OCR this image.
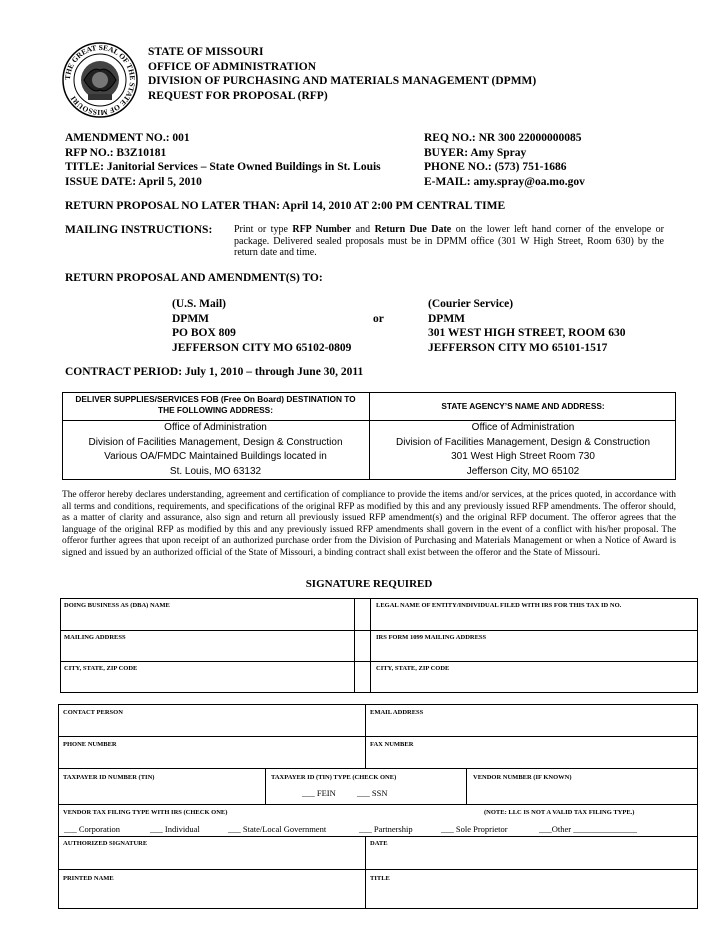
THE GREAT SEAL OF THE STATE OF MISSOURI
STATE OF MISSOURI
OFFICE OF ADMINISTRATION
DIVISION OF PURCHASING AND MATERIALS MANAGEMENT (DPMM)
REQUEST FOR PROPOSAL (RFP)
AMENDMENT NO.: 001
RFP NO.: B3Z10181
TITLE: Janitorial Services – State Owned Buildings in St. Louis
ISSUE DATE: April 5, 2010
REQ NO.: NR 300 22000000085
BUYER: Amy Spray
PHONE NO.: (573) 751-1686
E-MAIL: amy.spray@oa.mo.gov
RETURN PROPOSAL NO LATER THAN: April 14, 2010 AT 2:00 PM CENTRAL TIME
MAILING INSTRUCTIONS: Print or type RFP Number and Return Due Date on the lower left hand corner of the envelope or package. Delivered sealed proposals must be in DPMM office (301 W High Street, Room 630) by the return date and time.
RETURN PROPOSAL AND AMENDMENT(S) TO:
(U.S. Mail)
DPMM
PO BOX 809
JEFFERSON CITY MO 65102-0809
or
(Courier Service)
DPMM
301 WEST HIGH STREET, ROOM 630
JEFFERSON CITY MO 65101-1517
CONTRACT PERIOD: July 1, 2010 – through June 30, 2011
DELIVER SUPPLIES/SERVICES FOB (Free On Board) DESTINATION TO
THE FOLLOWING ADDRESS:	STATE AGENCY’S NAME AND ADDRESS:
Office of Administration
Division of Facilities Management, Design & Construction
Various OA/FMDC Maintained Buildings located in
St. Louis, MO 63132
Office of Administration
Division of Facilities Management, Design & Construction
301 West High Street Room 730
Jefferson City, MO 65102
The offeror hereby declares understanding, agreement and certification of compliance to provide the items and/or services, at the prices quoted, in accordance with all terms and conditions, requirements, and specifications of the original RFP as modified by this and any previously issued RFP amendments. The offeror should, as a matter of clarity and assurance, also sign and return all previously issued RFP amendment(s) and the original RFP document. The offeror agrees that the language of the original RFP as modified by this and any previously issued RFP amendments shall govern in the event of a conflict with his/her proposal. The offeror further agrees that upon receipt of an authorized purchase order from the Division of Purchasing and Materials Management or when a Notice of Award is signed and issued by an authorized official of the State of Missouri, a binding contract shall exist between the offeror and the State of Missouri.
SIGNATURE REQUIRED
DOING BUSINESS AS (DBA) NAME	LEGAL NAME OF ENTITY/INDIVIDUAL FILED WITH IRS FOR THIS TAX ID NO.
MAILING ADDRESS	IRS FORM 1099 MAILING ADDRESS
CITY, STATE, ZIP CODE	CITY, STATE, ZIP CODE
CONTACT PERSON	EMAIL ADDRESS
PHONE NUMBER	FAX NUMBER
TAXPAYER ID NUMBER (TIN)	TAXPAYER ID (TIN) TYPE (CHECK ONE)
___ FEIN ___ SSN
VENDOR NUMBER (IF KNOWN)
VENDOR TAX FILING TYPE WITH IRS (CHECK ONE)	(NOTE: LLC IS NOT A VALID TAX FILING TYPE.)
___ Corporation	___ Individual	___ State/Local Government	___ Partnership	___ Sole Proprietor	___Other _______________
AUTHORIZED SIGNATURE	DATE
PRINTED NAME	TITLE
